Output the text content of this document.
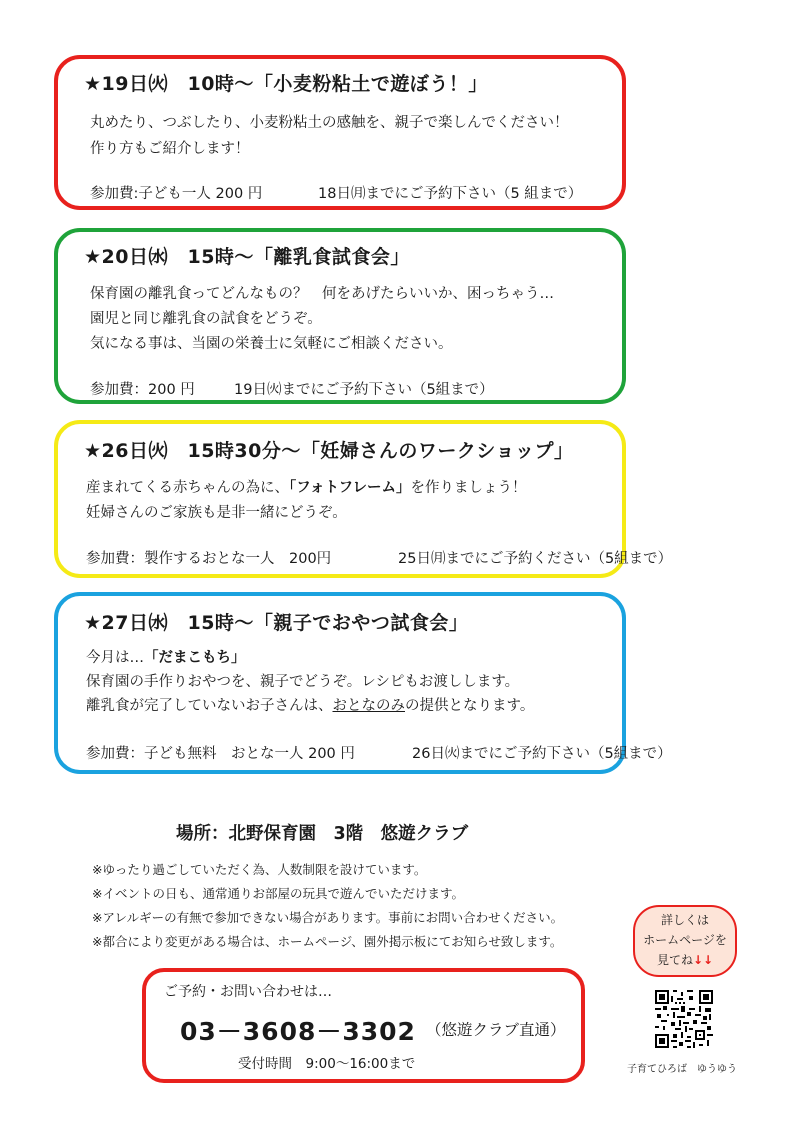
★19日㈫　10時～「小麦粉粘土で遊ぼう！」
丸めたり、つぶしたり、小麦粉粘土の感触を、親子で楽しんでください！
作り方もご紹介します！
参加費:子ども一人 200 円	18日㈪までにご予約下さい（5 組まで）
★20日㈬　15時～「離乳食試食会」
保育園の離乳食ってどんなもの？　何をあげたらいいか、困っちゃう…
園児と同じ離乳食の試食をどうぞ。
気になる事は、当園の栄養士に気軽にご相談ください。
参加費：200 円	19日㈫までにご予約下さい（5組まで）
★26日㈫　15時30分～「妊婦さんのワークショップ」
産まれてくる赤ちゃんの為に、「フォトフレーム」を作りましょう！
妊婦さんのご家族も是非一緒にどうぞ。
参加費：製作するおとな一人　200円	25日㈪までにご予約ください（5組まで）
★27日㈬　15時～「親子でおやつ試食会」
今月は…「だまこもち」
保育園の手作りおやつを、親子でどうぞ。レシピもお渡しします。
離乳食が完了していないお子さんは、おとなのみの提供となります。
参加費：子ども無料　おとな一人 200 円	26日㈫までにご予約下さい（5組まで）
場所：北野保育園　3階　悠遊クラブ
※ゆったり過ごしていただく為、人数制限を設けています。
※イベントの日も、通常通りお部屋の玩具で遊んでいただけます。
※アレルギーの有無で参加できない場合があります。事前にお問い合わせください。
※都合により変更がある場合は、ホームページ、園外掲示板にてお知らせ致します。
詳しくは
ホームページを
見てね↓↓
ご予約・お問い合わせは…
03－3608－3302 （悠遊クラブ直通）
受付時間　9:00～16:00まで	子育てひろば　ゆうゆう
